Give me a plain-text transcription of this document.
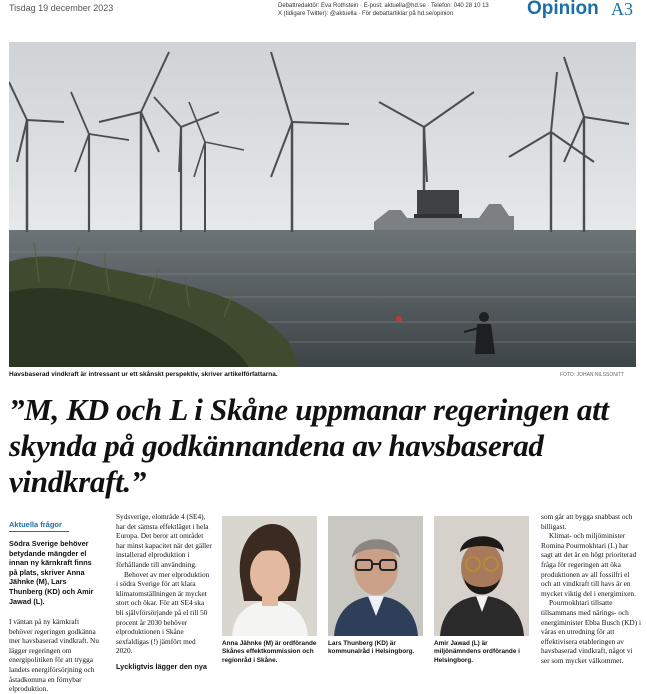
Tisdag 19 december 2023	Debattredaktör: Eva Rothstein · E-post: aktuella@hd.se · Telefon: 040 28 10 13
X (tidigare Twitter): @aktuella · För debattartiklar på hd.se/opinion	Opinion A3
Havsbaserad vindkraft är intressant ur ett skånskt perspektiv, skriver artikelförfattarna.	FOTO: JOHAN NILSSON/TT
”M, KD och L i Skåne uppmanar regeringen att skynda på godkännandena av havsbaserad vindkraft.”
Aktuella frågor
Södra Sverige behöver betydande mängder el innan ny kärnkraft finns på plats, skriver Anna Jähnke (M), Lars Thunberg (KD) och Amir Jawad (L).
I väntan på ny kärnkraft behöver regeringen godkänna mer havsbaserad vindkraft. Nu lägger regeringen om energipolitiken för att trygga landets energiförsörjning och åstadkomma en förnybar elproduktion.

Sydsverige, elområde 4 (SE4), har det sämsta effektläget i hela Europa. Det beror att området har minst kapacitet när det gäller installerad elproduktion i förhållande till användning.

Behovet av mer elproduktion i södra Sverige för att klara klimatomställningen är mycket stort och ökar. För att SE4 ska bli självförsörjande på el till 50 procent år 2030 behöver elproduktionen i Skåne sexfaldigas (!) jämfört med 2020.

Lyckligtvis lägger den nya

Anna Jähnke (M) är ordförande Skånes effektkommission och regionråd i Skåne.
Lars Thunberg (KD) är kommunalråd i Helsingborg.
Amir Jawad (L) är miljönämndens ordförande i Helsingborg.

som går att bygga snabbast och billigast.

Klimat- och miljöminister Romina Pourmokhtari (L) har sagt att det är en högt prioriterad fråga för regeringen att öka produktionen av all fossilfri el och att vindkraft till havs är en mycket viktig del i energimixen.

Pourmokhtari tillsatte tillsammans med närings- och energiminister Ebba Busch (KD) i våras en utredning för att effektivisera etableringen av havsbaserad vindkraft, något vi ser som mycket välkommet.
